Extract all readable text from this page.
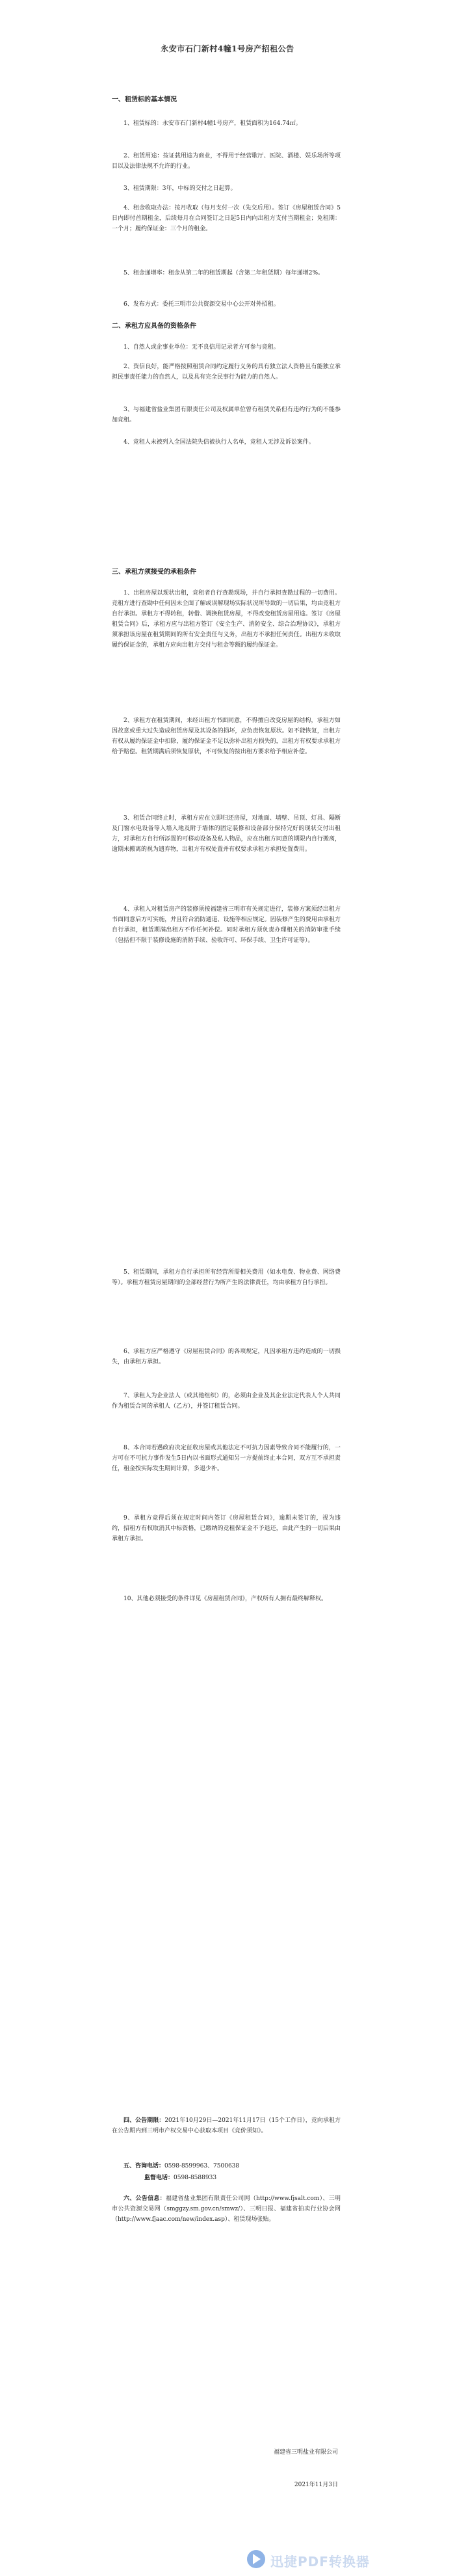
永安市石门新村4幢1号房产招租公告
一、租赁标的基本情况
1、租赁标的：永安市石门新村4幢1号房产，租赁面积为164.74㎡。
2、租赁用途：按证载用途为商业，不得用于经营歌厅、医院、酒楼、娱乐场所等项目以及法律法规不允许的行业。
3、租赁期限：3年，中标的交付之日起算。
4、租金收取办法：按月收取（每月支付一次（先交后用）。签订《房屋租赁合同》5日内即付首期租金，后续每月在合同签订之日起5日内向出租方支付当期租金；免租期：一个月；履约保证金：三个月的租金。
5、租金递增率：租金从第二年的租赁期起（含第二年租赁期）每年递增2%。
6、发布方式：委托三明市公共资源交易中心公开对外招租。
二、承租方应具备的资格条件
1、自然人或企事业单位：无不良信用记录者方可参与竞租。
2、资信良好，能严格按照租赁合同约定履行义务的具有独立法人资格且有能独立承担民事责任能力的自然人，以及具有完全民事行为能力的自然人。
3、与福建省盐业集团有限责任公司及权属单位曾有租赁关系但有违约行为的不能参加竞租。
4、竞租人未被列入全国法院失信被执行人名单，竞租人无涉及诉讼案件。
三、承租方须接受的承租条件
1、出租房屋以现状出租，竞租者自行查勘现场，并自行承担查勘过程的一切费用。竞租方进行查勘中任何因未全面了解或误解现场实际状况所导致的一切后果，均由竞租方自行承担。承租方不得转租，转借、调换租赁房屋，不得改变租赁房屋用途。签订《房屋租赁合同》后，承租方应与出租方签订《安全生产、消防安全、综合治理协议》，承租方须承担该房屋在租赁期间的所有安全责任与义务，出租方不承担任何责任。出租方未收取履约保证金的，承租方应向出租方交付与租金等额的履约保证金。
2、承租方在租赁期间，未经出租方书面同意，不得擅自改变房屋的结构，承租方如因故意或重大过失造成租赁房屋及其设备的损坏，应负责恢复原状。如不能恢复，出租方有权从履约保证金中扣除，履约保证金不足以弥补出租方损失的，出租方有权要求承租方给予赔偿。租赁期满后须恢复原状，不可恢复的按出租方要求给予相应补偿。
3、租赁合同终止时，承租方应在立即归还房屋，对地面、墙壁、吊顶、灯具、隔断及门窗水电设备等入墙入地及附于墙体的固定装修和设备部分保持完好的现状交付出租方，对承租方自行所添置的可移动设备及私人物品，应在出租方同意的期限内自行搬离，逾期未搬离的视为遗弃物，出租方有权处置并有权要求承租方承担处置费用。
4、承租人对租赁房产的装修须按福建省三明市有关规定进行，装修方案须经出租方书面同意后方可实施，并且符合消防通道、设施等相应规定。因装修产生的费用由承租方自行承担，租赁期满出租方不作任何补偿。同时承租方须负责办理相关的消防审批手续（包括但不限于装修设施的消防手续、验收许可、环保手续、卫生许可证等）。
5、租赁期间，承租方自行承担所有经营所需相关费用（如水电费、物业费、网络费等）。承租方租赁房屋期间的全部经营行为所产生的法律责任，均由承租方自行承担。
6、承租方应严格遵守《房屋租赁合同》的各项规定，凡因承租方违约造成的一切损失，由承租方承担。
7、承租人为企业法人（或其他组织）的，必须由企业及其企业法定代表人个人共同作为租赁合同的承租人（乙方），并签订租赁合同。
8、本合同若遇政府决定征收房屋或其他法定不可抗力因素导致合同不能履行的，一方可在不可抗力事件发生5日内以书面形式通知另一方提前终止本合同，双方互不承担责任，租金按实际发生期间计算，多退少补。
9、承租方竞得后须在规定时间内签订《房屋租赁合同》，逾期未签订的，视为违约，招租方有权取消其中标资格，已缴纳的竞租保证金不予退还，由此产生的一切后果由承租方承担。
10、其他必须接受的条件详见《房屋租赁合同》，产权所有人拥有最终解释权。
四、公告期限：2021年10月29日—2021年11月17日（15个工作日），竞向承租方在公告期内到三明市产权交易中心获取本项目《竞价须知》。
五、咨询电话：0598-8599963、7500638
监督电话：0598-8588933
六、公告信息：福建省盐业集团有限责任公司网（http://www.fjsalt.com）、三明市公共资源交易网（smggzy.sm.gov.cn/smwz/）、三明日报、福建省拍卖行业协会网（http://www.fjaac.com/new/index.asp）、租赁现场张贴。
福建省三明盐业有限公司
2021年11月3日
迅捷PDF转换器
